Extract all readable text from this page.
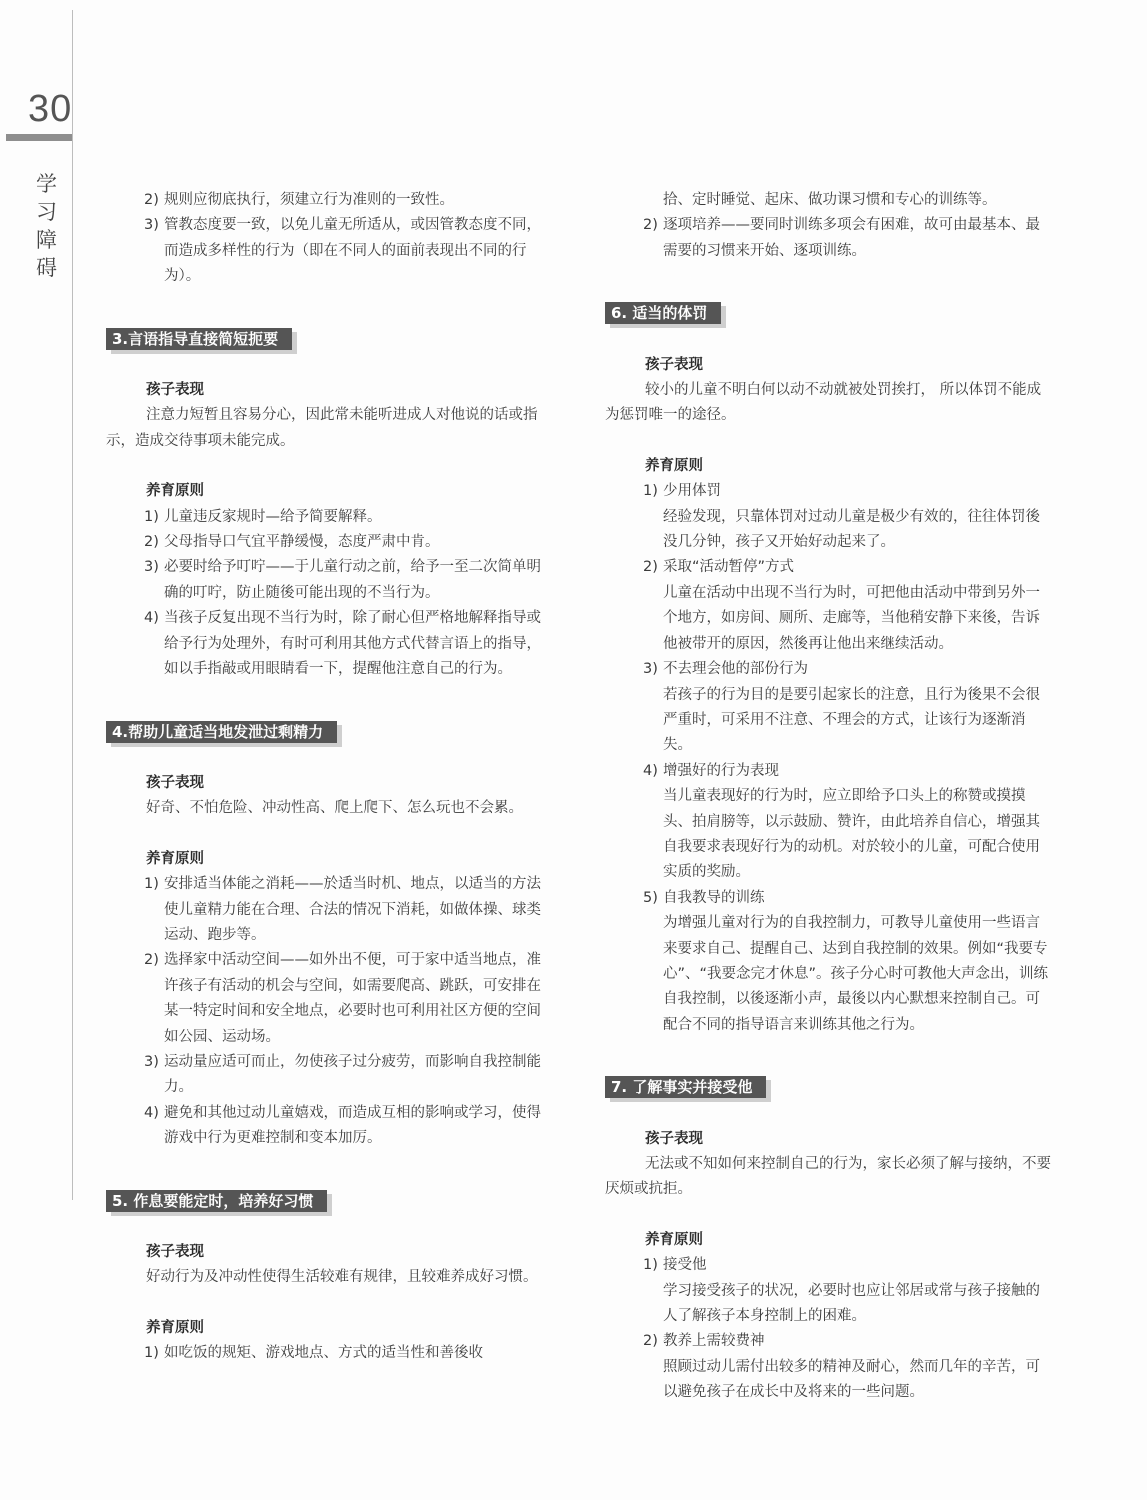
30
学
习
障
碍
2) 规则应彻底执行，须建立行为准则的一致性。
3) 管教态度要一致，以免儿童无所适从，或因管教态度不同，而造成多样性的行为（即在不同人的面前表现出不同的行为）。
3.言语指导直接简短扼要
孩子表现
注意力短暂且容易分心，因此常未能听进成人对他说的话或指示，造成交待事项未能完成。
养育原则
1) 儿童违反家规时—给予简要解释。
2) 父母指导口气宜平静缓慢，态度严肃中肯。
3) 必要时给予叮咛——于儿童行动之前，给予一至二次简单明确的叮咛，防止随後可能出现的不当行为。
4) 当孩子反复出现不当行为时，除了耐心但严格地解释指导或给予行为处理外，有时可利用其他方式代替言语上的指导，如以手指敲或用眼睛看一下，提醒他注意自己的行为。
4.帮助儿童适当地发泄过剩精力
孩子表现
好奇、不怕危险、冲动性高、爬上爬下、怎么玩也不会累。
养育原则
1) 安排适当体能之消耗——於适当时机、地点，以适当的方法使儿童精力能在合理、合法的情况下消耗，如做体操、球类运动、跑步等。
2) 选择家中活动空间——如外出不便，可于家中适当地点，准许孩子有活动的机会与空间，如需要爬高、跳跃，可安排在某一特定时间和安全地点，必要时也可利用社区方便的空间如公园、运动场。
3) 运动量应适可而止，勿使孩子过分疲劳，而影响自我控制能力。
4) 避免和其他过动儿童嬉戏，而造成互相的影响或学习，使得游戏中行为更难控制和变本加厉。
5. 作息要能定时，培养好习惯
孩子表现
好动行为及冲动性使得生活较难有规律，且较难养成好习惯。
养育原则
1) 如吃饭的规矩、游戏地点、方式的适当性和善後收
拾、定时睡觉、起床、做功课习惯和专心的训练等。
2) 逐项培养——要同时训练多项会有困难，故可由最基本、最需要的习惯来开始、逐项训练。
6. 适当的体罚
孩子表现
较小的儿童不明白何以动不动就被处罚挨打， 所以体罚不能成为惩罚唯一的途径。
养育原则
1) 少用体罚
经验发现，只靠体罚对过动儿童是极少有效的，往往体罚後没几分钟，孩子又开始好动起来了。
2) 采取“活动暂停”方式
儿童在活动中出现不当行为时，可把他由活动中带到另外一个地方，如房间、厕所、走廊等，当他稍安静下来後，告诉他被带开的原因，然後再让他出来继续活动。
3) 不去理会他的部份行为
若孩子的行为目的是要引起家长的注意，且行为後果不会很严重时，可采用不注意、不理会的方式，让该行为逐渐消失。
4) 增强好的行为表现
当儿童表现好的行为时，应立即给予口头上的称赞或摸摸头、拍肩膀等，以示鼓励、赞许，由此培养自信心，增强其自我要求表现好行为的动机。对於较小的儿童，可配合使用实质的奖励。
5) 自我教导的训练
为增强儿童对行为的自我控制力，可教导儿童使用一些语言来要求自己、提醒自己、达到自我控制的效果。例如“我要专心”、“我要念完才休息”。孩子分心时可教他大声念出，训练自我控制，以後逐渐小声，最後以内心默想来控制自己。可配合不同的指导语言来训练其他之行为。
7. 了解事实并接受他
孩子表现
无法或不知如何来控制自己的行为，家长必须了解与接纳，不要厌烦或抗拒。
养育原则
1) 接受他
学习接受孩子的状况，必要时也应让邻居或常与孩子接触的人了解孩子本身控制上的困难。
2) 教养上需较费神
照顾过动儿需付出较多的精神及耐心，然而几年的辛苦，可以避免孩子在成长中及将来的一些问题。
